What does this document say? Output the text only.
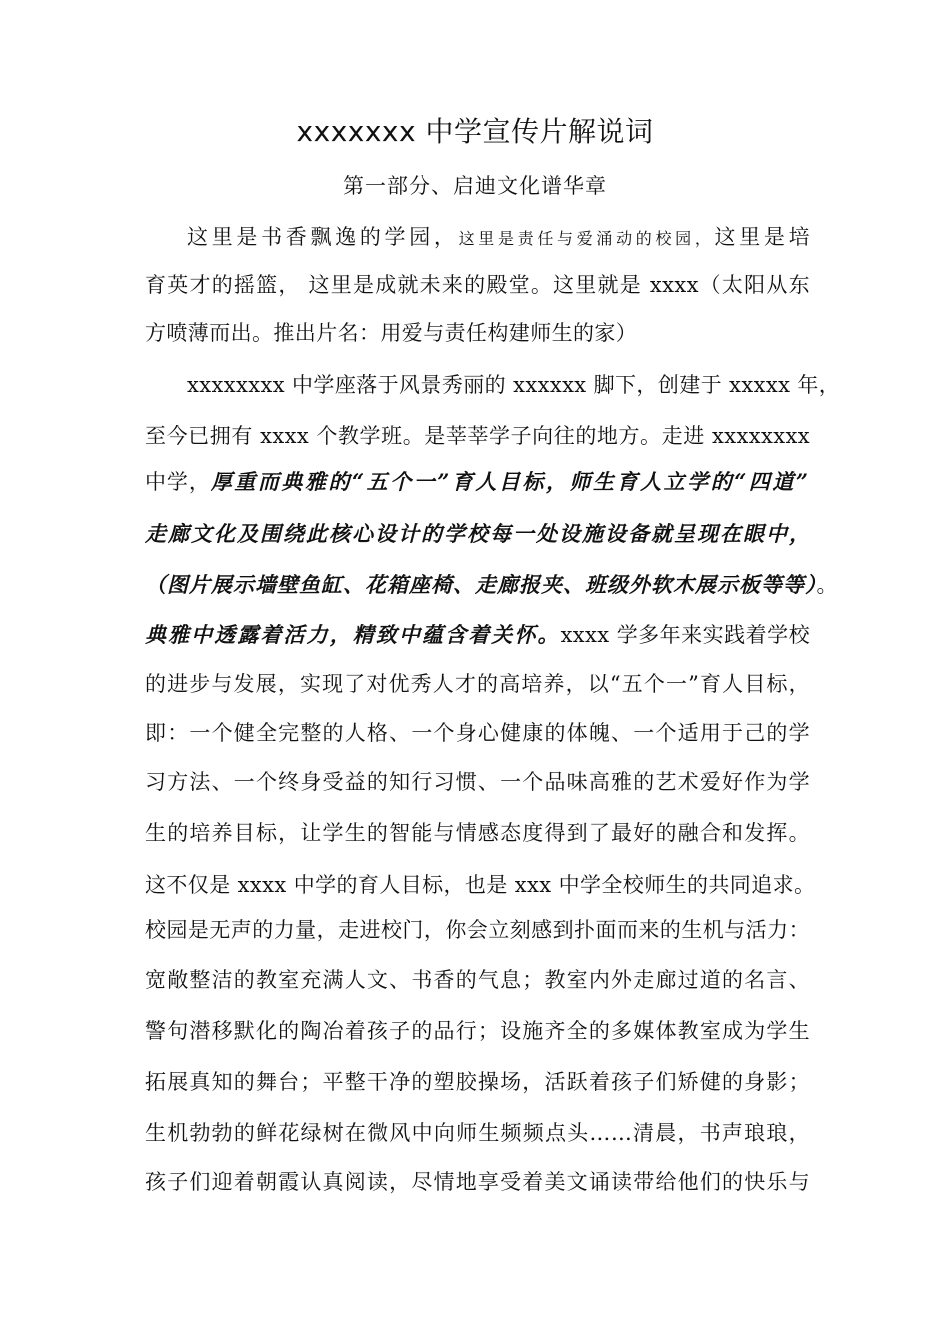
xxxxxxx 中学宣传片解说词
第一部分、启迪文化谱华章
这里是书香飘逸的学园，这里是责任与爱涌动的校园，这里是培
育英才的摇篮， 这里是成就未来的殿堂。这里就是 xxxx（太阳从东
方喷薄而出。推出片名：用爱与责任构建师生的家）
xxxxxxxx 中学座落于风景秀丽的 xxxxxx 脚下，创建于 xxxxx 年，
至今已拥有 xxxx 个教学班。是莘莘学子向往的地方。走进 xxxxxxxx
中学，厚重而典雅的“五个一”育人目标，师生育人立学的“四道”
走廊文化及围绕此核心设计的学校每一处设施设备就呈现在眼中，
（图片展示墙壁鱼缸、花箱座椅、走廊报夹、班级外软木展示板等等）。
典雅中透露着活力，精致中蕴含着关怀。xxxx 学多年来实践着学校
的进步与发展，实现了对优秀人才的高培养，以“五个一”育人目标，
即：一个健全完整的人格、一个身心健康的体魄、一个适用于己的学
习方法、一个终身受益的知行习惯、一个品味高雅的艺术爱好作为学
生的培养目标，让学生的智能与情感态度得到了最好的融合和发挥。
这不仅是 xxxx 中学的育人目标，也是 xxx 中学全校师生的共同追求。
校园是无声的力量，走进校门，你会立刻感到扑面而来的生机与活力：
宽敞整洁的教室充满人文、书香的气息；教室内外走廊过道的名言、
警句潜移默化的陶冶着孩子的品行；设施齐全的多媒体教室成为学生
拓展真知的舞台；平整干净的塑胶操场，活跃着孩子们矫健的身影；
生机勃勃的鲜花绿树在微风中向师生频频点头……清晨，书声琅琅，
孩子们迎着朝霞认真阅读，尽情地享受着美文诵读带给他们的快乐与
